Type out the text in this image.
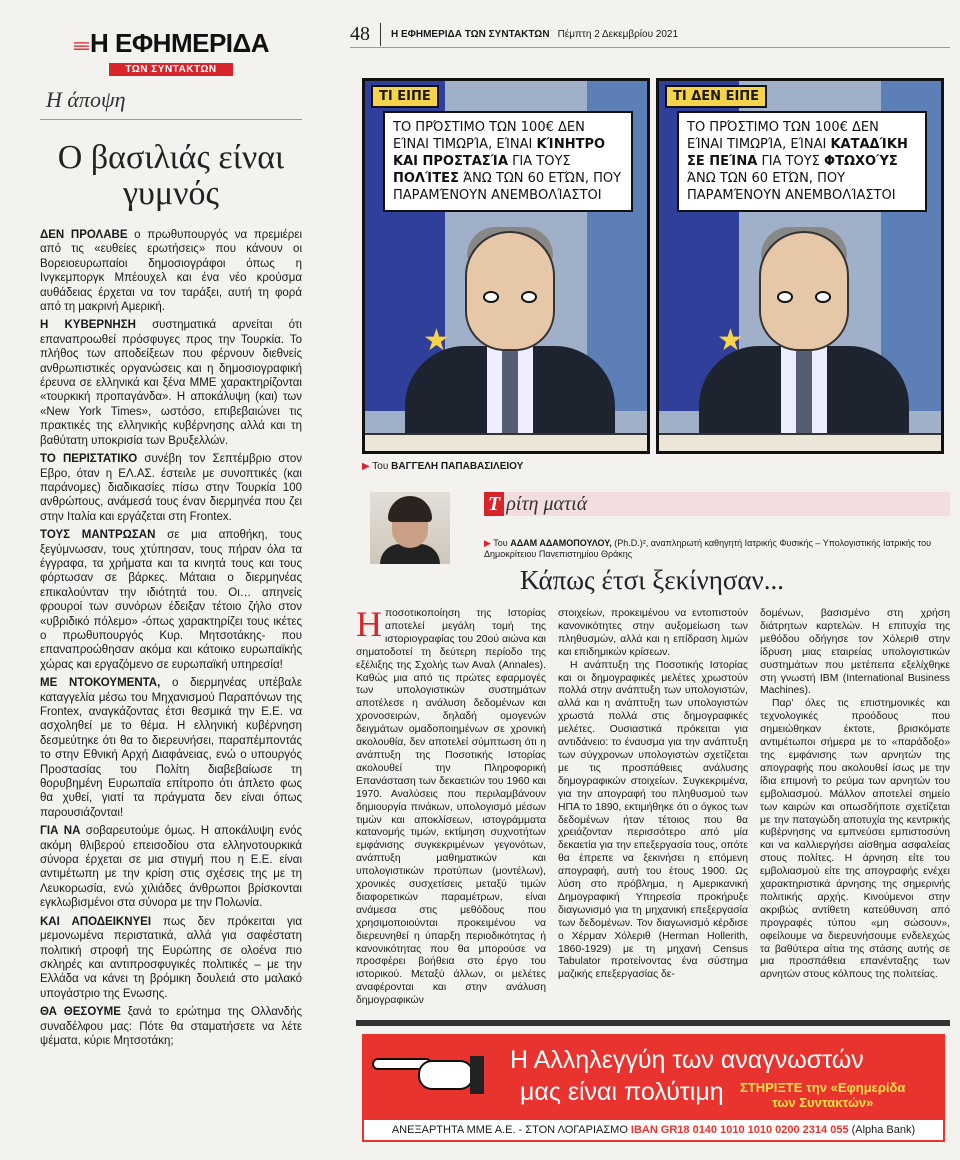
≡≡ Η ΕΦΗΜΕΡΙΔΑ
ΤΩΝ ΣΥΝΤΑΚΤΩΝ
Η άποψη
Ο βασιλιάς είναι γυμνός

ΔΕΝ ΠΡΟΛΑΒΕ ο πρωθυπουργός να πρεμιέρει από τις «ευθείες ερωτήσεις» που κάνουν οι Βορειοευρωπαίοι δημοσιογράφοι όπως η Ινγκεμποργκ Μπέουχελ και ένα νέο κρούσμα αυθάδειας έρχεται να τον ταράξει, αυτή τη φορά από τη μακρινή Αμερική.

Η ΚΥΒΕΡΝΗΣΗ συστηματικά αρνείται ότι επαναπροωθεί πρόσφυγες προς την Τουρκία. Το πλήθος των αποδείξεων που φέρνουν διεθνείς ανθρωπιστικές οργανώσεις και η δημοσιογραφική έρευνα σε ελληνικά και ξένα ΜΜΕ χαρακτηρίζονται «τουρκική προπαγάνδα». Η αποκάλυψη (και) των «New York Times», ωστόσο, επιβεβαιώνει τις πρακτικές της ελληνικής κυβέρνησης αλλά και τη βαθύτατη υποκρισία των Βρυξελλών.

ΤΟ ΠΕΡΙΣΤΑΤΙΚΟ συνέβη τον Σεπτέμβριο στον Εβρο, όταν η ΕΛ.ΑΣ. έστειλε με συνοπτικές (και παράνομες) διαδικασίες πίσω στην Τουρκία 100 ανθρώπους, ανάμεσά τους έναν διερμηνέα που ζει στην Ιταλία και εργάζεται στη Frontex.

ΤΟΥΣ ΜΑΝΤΡΩΣΑΝ σε μια αποθήκη, τους ξεγύμνωσαν, τους χτύπησαν, τους πήραν όλα τα έγγραφα, τα χρήματα και τα κινητά τους και τους φόρτωσαν σε βάρκες. Μάταια ο διερμηνέας επικαλούνταν την ιδιότητά του. Οι… απηνείς φρουροί των συνόρων έδειξαν τέτοιο ζήλο στον «υβριδικό πόλεμο» -όπως χαρακτηρίζει τους ικέτες ο πρωθυπουργός Κυρ. Μητσοτάκης- που επαναπροώθησαν ακόμα και κάτοικο ευρωπαϊκής χώρας και εργαζόμενο σε ευρωπαϊκή υπηρεσία!

ΜΕ ΝΤΟΚΟΥΜΕΝΤΑ, ο διερμηνέας υπέβαλε καταγγελία μέσω του Μηχανισμού Παραπόνων της Frontex, αναγκάζοντας έτσι θεσμικά την Ε.Ε. να ασχοληθεί με το θέμα. Η ελληνική κυβέρνηση δεσμεύτηκε ότι θα το διερευνήσει, παραπέμποντάς το στην Εθνική Αρχή Διαφάνειας, ενώ ο υπουργός Προστασίας του Πολίτη διαβεβαίωσε τη θορυβημένη Ευρωπαϊα επίτροπο ότι άπλετο φως θα χυθεί, γιατί τα πράγματα δεν είναι όπως παρουσιάζονται!

ΓΙΑ ΝΑ σοβαρευτούμε όμως. Η αποκάλυψη ενός ακόμη θλιβερού επεισοδίου στα ελληνοτουρκικά σύνορα έρχεται σε μια στιγμή που η Ε.Ε. είναι αντιμέτωπη με την κρίση στις σχέσεις της με τη Λευκορωσία, ενώ χιλιάδες άνθρωποι βρίσκονται εγκλωβισμένοι στα σύνορα με την Πολωνία.

ΚΑΙ ΑΠΟΔΕΙΚΝΥΕΙ πως δεν πρόκειται για μεμονωμένα περιστατικά, αλλά για σαφέστατη πολιτική στροφή της Ευρώπης σε ολοένα πιο σκληρές και αντιπροσφυγικές πολιτικές – με την Ελλάδα να κάνει τη βρόμικη δουλειά στο μαλακό υπογάστριο της Ενωσης.

ΘΑ ΘΕΣΟΥΜΕ ξανά το ερώτημα της Ολλανδής συναδέλφου μας: Πότε θα σταματήσετε να λέτε ψέματα, κύριε Μητσοτάκη;

48	Η ΕΦΗΜΕΡΙΔΑ ΤΩΝ ΣΥΝΤΑΚΤΩΝ Πέμπτη 2 Δεκεμβρίου 2021
★
ΤΙ ΕΙΠΕ
ΤΟ ΠΡΌΣΤΙΜΟ ΤΩΝ 100€ ΔΕΝ ΕΊΝΑΙ ΤΙΜΩΡΊΑ, ΕΊΝΑΙ ΚΊΝΗΤΡΟ ΚΑΙ ΠΡΟΣΤΑΣΊΑ ΓΙΑ ΤΟΥΣ ΠΟΛΊΤΕΣ ΆΝΩ ΤΩΝ 60 ΕΤΏΝ, ΠΟΥ ΠΑΡΑΜΈΝΟΥΝ ΑΝΕΜΒΟΛΊΑΣΤΟΙ
★
ΤΙ ΔΕΝ ΕΙΠΕ
ΤΟ ΠΡΌΣΤΙΜΟ ΤΩΝ 100€ ΔΕΝ ΕΊΝΑΙ ΤΙΜΩΡΊΑ, ΕΊΝΑΙ ΚΑΤΑΔΊΚΗ ΣΕ ΠΕΊΝΑ ΓΙΑ ΤΟΥΣ ΦΤΩΧΟΎΣ ΆΝΩ ΤΩΝ 60 ΕΤΏΝ, ΠΟΥ ΠΑΡΑΜΈΝΟΥΝ ΑΝΕΜΒΟΛΊΑΣΤΟΙ
▶ Του ΒΑΓΓΕΛΗ ΠΑΠΑΒΑΣΙΛΕΙΟΥ
Τ ρίτη ματιά
▶ Του ΑΔΑΜ ΑΔΑΜΟΠΟΥΛΟΥ, (Ph.D.)², αναπληρωτή καθηγητή Ιατρικής Φυσικής – Υπολογιστικής Ιατρικής του Δημοκρίτειου Πανεπιστημίου Θράκης
Κάπως έτσι ξεκίνησαν...

Η ποσοτικοποίηση της Ιστορίας αποτελεί μεγάλη τομή της ιστοριογραφίας του 20ού αιώνα και σηματοδοτεί τη δεύτερη περίοδο της εξέλιξης της Σχολής των Αναλ (Annales). Καθώς μια από τις πρώτες εφαρμογές των υπολογιστικών συστημάτων αποτέλεσε η ανάλυση δεδομένων και χρονοσειρών, δηλαδή ομογενών δειγμάτων ομαδοποιημένων σε χρονική ακολουθία, δεν αποτελεί σύμπτωση ότι η ανάπτυξη της Ποσοτικής Ιστορίας ακολουθεί την Πληροφορική Επανάσταση των δεκαετιών του 1960 και 1970. Αναλύσεις που περιλαμβάνουν δημιουργία πινάκων, υπολογισμό μέσων τιμών και αποκλίσεων, ιστογράμματα κατανομής τιμών, εκτίμηση συχνοτήτων εμφάνισης συγκεκριμένων γεγονότων, ανάπτυξη μαθηματικών και υπολογιστικών προτύπων (μοντέλων), χρονικές συσχετίσεις μεταξύ τιμών διαφορετικών παραμέτρων, είναι ανάμεσα στις μεθόδους που χρησιμοποιούνται προκειμένου να διερευνηθεί η ύπαρξη περιοδικότητας ή κανονικότητας που θα μπορούσε να προσφέρει βοήθεια στο έργο του ιστορικού. Μεταξύ άλλων, οι μελέτες αναφέρονται και στην ανάλυση δημογραφικών

στοιχείων, προκειμένου να εντοπιστούν κανονικότητες στην αυξομείωση των πληθυσμών, αλλά και η επίδραση λιμών και επιδημικών κρίσεων.

Η ανάπτυξη της Ποσοτικής Ιστορίας και οι δημογραφικές μελέτες χρωστούν πολλά στην ανάπτυξη των υπολογιστών, αλλά και η ανάπτυξη των υπολογιστών χρωστά πολλά στις δημογραφικές μελέτες. Ουσιαστικά πρόκειται για αντιδάνειο: το έναυσμα για την ανάπτυξη των σύγχρονων υπολογιστών σχετίζεται με τις προσπάθειες ανάλυσης δημογραφικών στοιχείων. Συγκεκριμένα, για την απογραφή του πληθυσμού των ΗΠΑ το 1890, εκτιμήθηκε ότι ο όγκος των δεδομένων ήταν τέτοιος που θα χρειάζονταν περισσότερο από μία δεκαετία για την επεξεργασία τους, οπότε θα έπρεπε να ξεκινήσει η επόμενη απογραφή, αυτή του έτους 1900. Ως λύση στο πρόβλημα, η Αμερικανική Δημογραφική Υπηρεσία προκήρυξε διαγωνισμό για τη μηχανική επεξεργασία των δεδομένων. Τον διαγωνισμό κέρδισε ο Χέρμαν Χόλεριθ (Herman Hollerith, 1860-1929) με τη μηχανή Census Tabulator προτείνοντας ένα σύστημα μαζικής επεξεργασίας δε-

δομένων, βασισμένο στη χρήση διάτρητων καρτελών. Η επιτυχία της μεθόδου οδήγησε τον Χόλεριθ στην ίδρυση μιας εταιρείας υπολογιστικών συστημάτων που μετέπειτα εξελίχθηκε στη γνωστή IBM (International Business Machines).

Παρ' όλες τις επιστημονικές και τεχνολογικές προόδους που σημειώθηκαν έκτοτε, βρισκόματε αντιμέτωποι σήμερα με το «παράδοξο» της εμφάνισης των αρνητών της απογραφής που ακολουθεί ίσως με την ίδια επιμονή το ρεύμα των αρνητών του εμβολιασμού. Μάλλον αποτελεί σημείο των καιρών και οπωσδήποτε σχετίζεται με την παταγώδη αποτυχία της κεντρικής κυβέρνησης να εμπνεύσει εμπιστοσύνη και να καλλιεργήσει αίσθημα ασφαλείας στους πολίτες. Η άρνηση είτε του εμβολιασμού είτε της απογραφής ενέχει χαρακτηριστικά άρνησης της σημερινής πολιτικής αρχής. Κινούμενοι στην ακριβώς αντίθετη κατεύθυνση από προγραφές τύπου «μη σώσουν», οφείλουμε να διερευνήσουμε ενδελεχώς τα βαθύτερα αίτια της στάσης αυτής σε μια προσπάθεια επανένταξης των αρνητών στους κόλπους της πολιτείας.

Η Αλληλεγγύη των αναγνωστών
μας είναι πολύτιμη ΣΤΗΡΙΞΤΕ την «Εφημερίδα
των Συντακτών»
ΑΝΕΞΑΡΤΗΤΑ ΜΜΕ Α.Ε. - ΣΤΟΝ ΛΟΓΑΡΙΑΣΜΟ IBAN GR18 0140 1010 1010 0200 2314 055 (Alpha Bank)
